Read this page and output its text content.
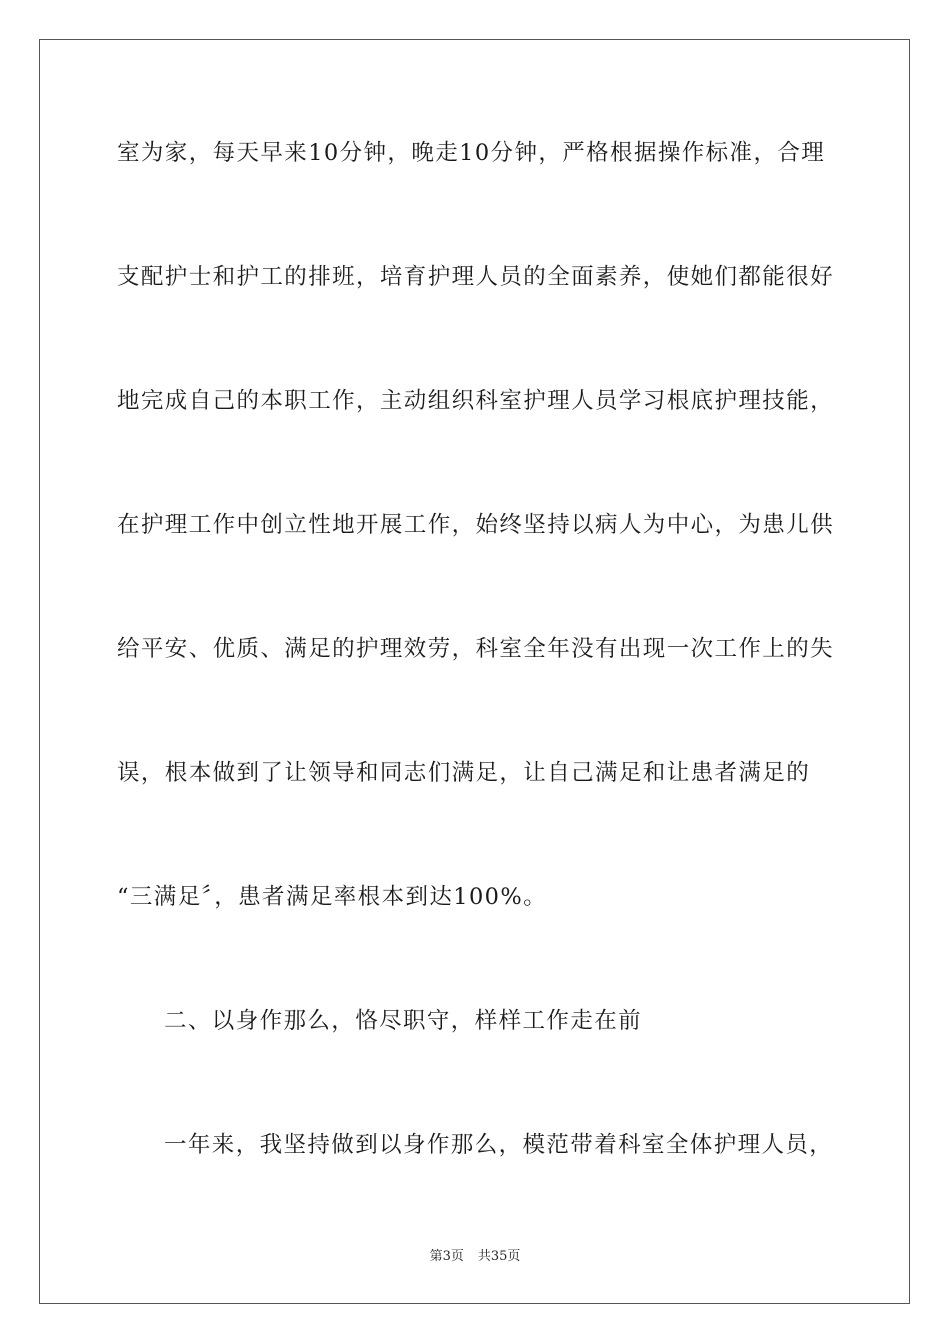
室为家，每天早来10分钟，晚走10分钟，严格根据操作标准，合理
支配护士和护工的排班，培育护理人员的全面素养，使她们都能很好
地完成自己的本职工作，主动组织科室护理人员学习根底护理技能，
在护理工作中创立性地开展工作，始终坚持以病人为中心，为患儿供
给平安、优质、满足的护理效劳，科室全年没有出现一次工作上的失
误，根本做到了让领导和同志们满足，让自己满足和让患者满足的
“三满足〞，患者满足率根本到达100%。
二、以身作那么，恪尽职守，样样工作走在前
一年来，我坚持做到以身作那么，模范带着科室全体护理人员，
第3页 共35页
